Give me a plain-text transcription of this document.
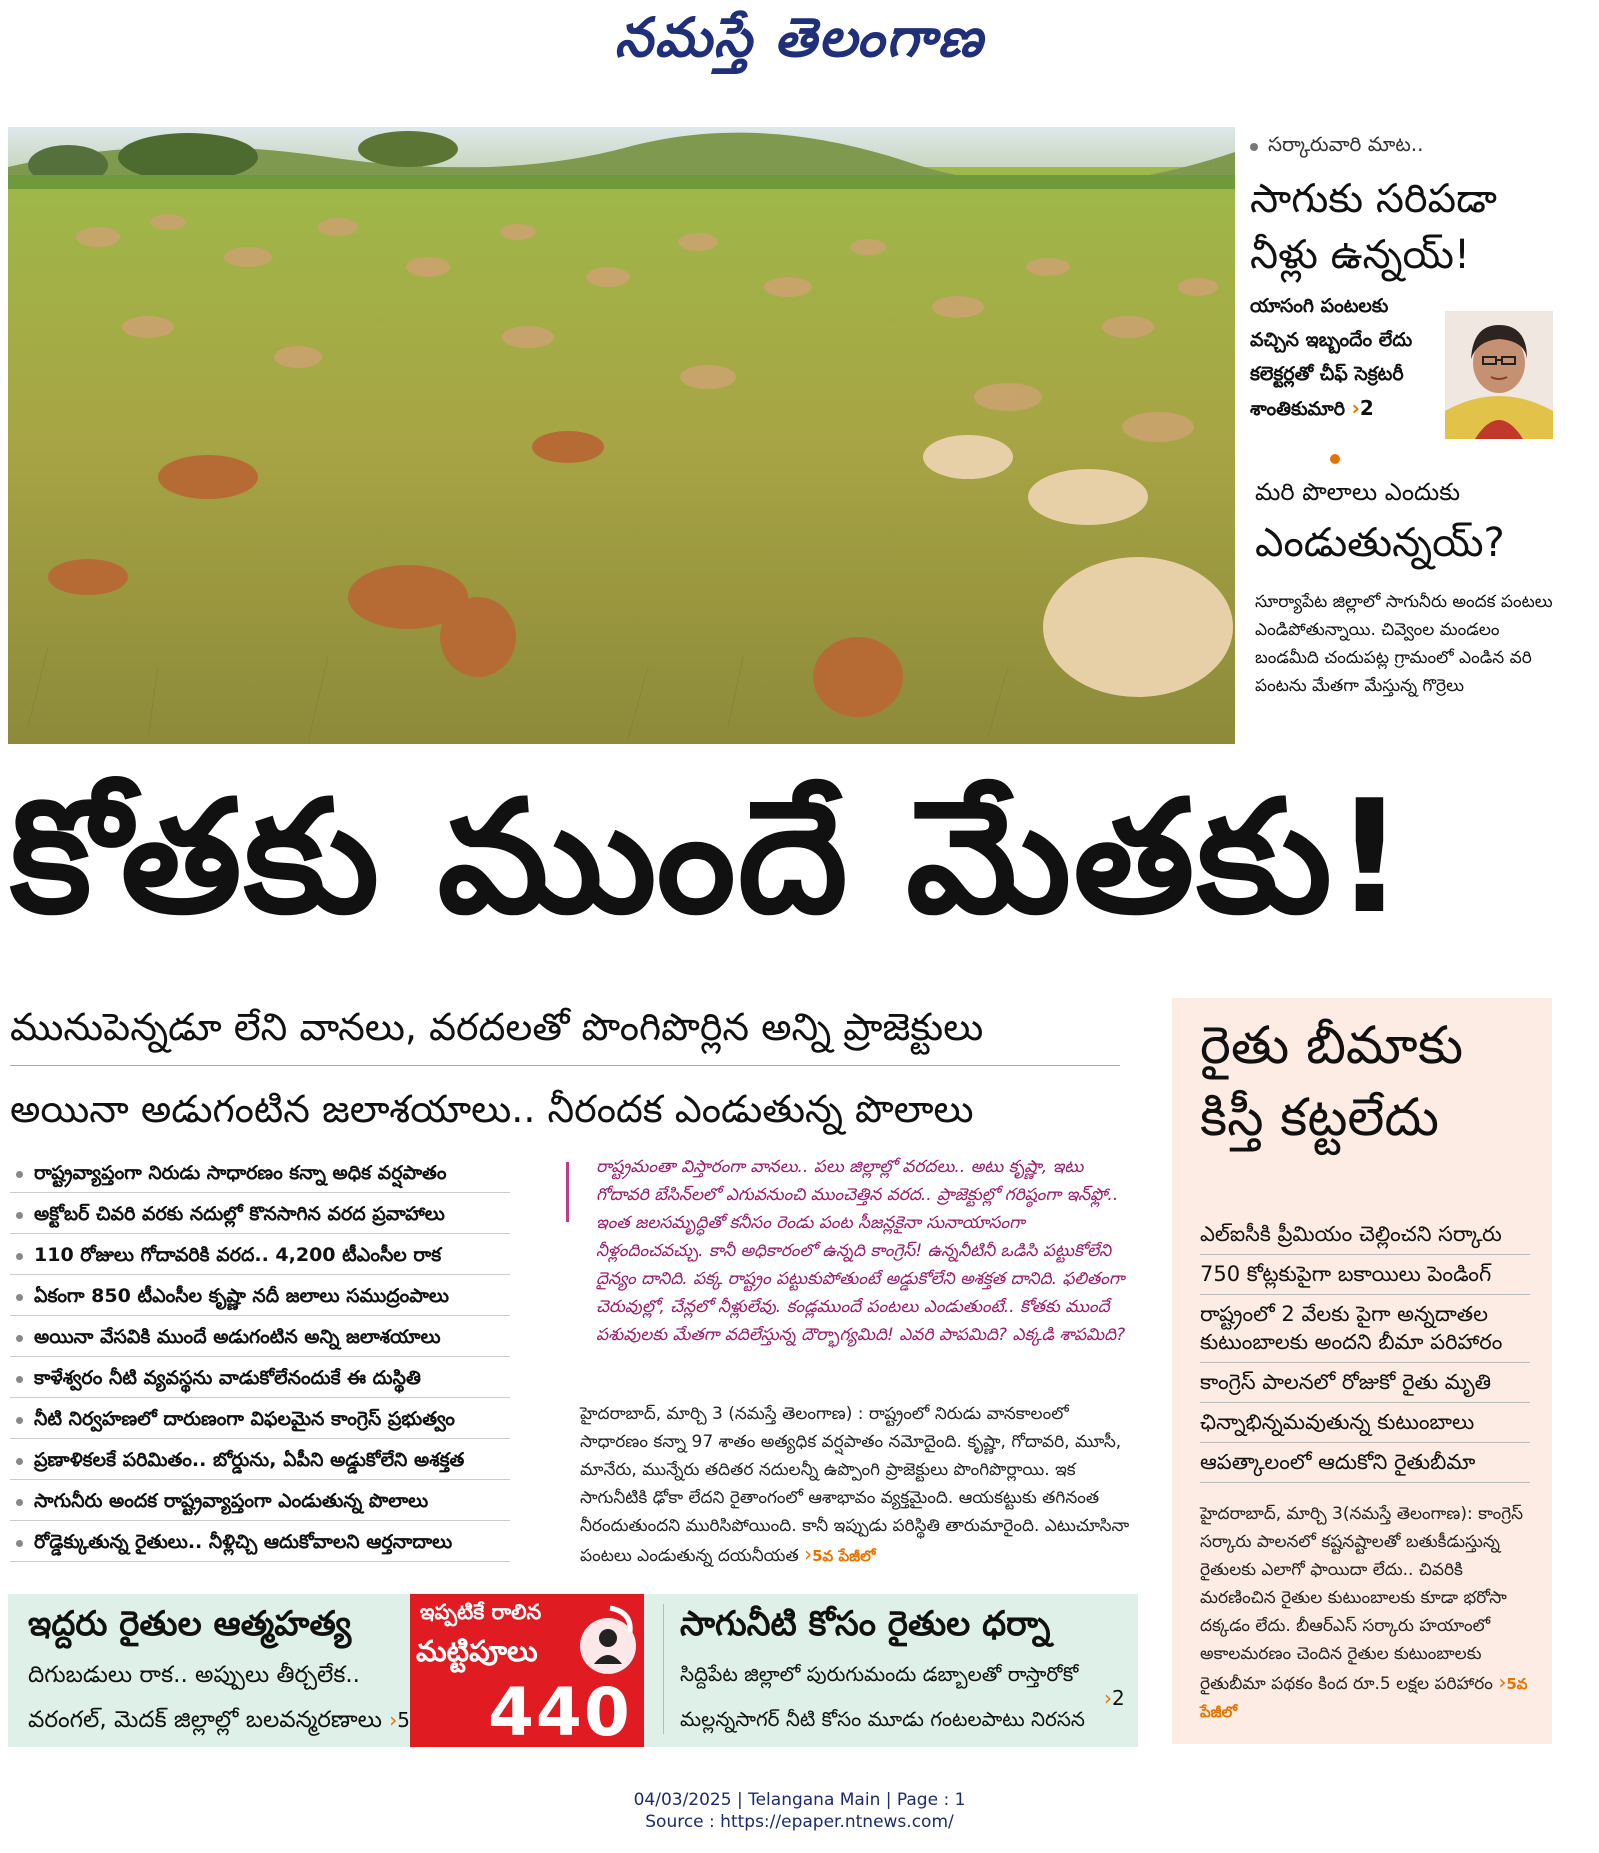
నమస్తే తెలంగాణ
సర్కారువారి మాట..
సాగుకు సరిపడా
నీళ్లు ఉన్నయ్!
యాసంగి పంటలకు
వచ్చిన ఇబ్బందేం లేదు
కలెక్టర్లతో చీఫ్ సెక్రటరీ
శాంతికుమారి ›2
మరి పొలాలు ఎందుకు
ఎండుతున్నయ్?
సూర్యాపేట జిల్లాలో సాగునీరు అందక పంటలు ఎండిపోతున్నాయి. చివ్వెంల మండలం బండమీది చందుపట్ల గ్రామంలో ఎండిన వరి పంటను మేతగా మేస్తున్న గొర్రెలు
కోతకు ముందే మేతకు!
మునుపెన్నడూ లేని వానలు, వరదలతో పొంగిపొర్లిన అన్ని ప్రాజెక్టులు
అయినా అడుగంటిన జలాశయాలు.. నీరందక ఎండుతున్న పొలాలు
రాష్ట్రవ్యాప్తంగా నిరుడు సాధారణం కన్నా అధిక వర్షపాతం
అక్టోబర్ చివరి వరకు నదుల్లో కొనసాగిన వరద ప్రవాహాలు
110 రోజులు గోదావరికి వరద.. 4,200 టీఎంసీల రాక
ఏకంగా 850 టీఎంసీల కృష్ణా నదీ జలాలు సముద్రంపాలు
అయినా వేసవికి ముందే అడుగంటిన అన్ని జలాశయాలు
కాళేశ్వరం నీటి వ్యవస్థను వాడుకోలేనందుకే ఈ దుస్థితి
నీటి నిర్వహణలో దారుణంగా విఫలమైన కాంగ్రెస్ ప్రభుత్వం
ప్రణాళికలకే పరిమితం.. బోర్డును, ఏపీని అడ్డుకోలేని అశక్తత
సాగునీరు అందక రాష్ట్రవ్యాప్తంగా ఎండుతున్న పొలాలు
రోడ్డెక్కుతున్న రైతులు.. నీళ్లిచ్చి ఆదుకోవాలని ఆర్తనాదాలు
రాష్ట్రమంతా విస్తారంగా వానలు.. పలు జిల్లాల్లో వరదలు.. అటు కృష్ణా, ఇటు గోదావరి బేసిన్‌లలో ఎగువనుంచి ముంచెత్తిన వరద.. ప్రాజెక్టుల్లో గరిష్ఠంగా ఇన్‌ఫ్లో.. ఇంత జలసమృద్ధితో కనీసం రెండు పంట సీజన్లకైనా సునాయాసంగా నీళ్లందించవచ్చు. కానీ అధికారంలో ఉన్నది కాంగ్రెస్! ఉన్ననీటినీ ఒడిసి పట్టుకోలేని దైన్యం దానిది. పక్క రాష్ట్రం పట్టుకుపోతుంటే అడ్డుకోలేని అశక్తత దానిది. ఫలితంగా చెరువుల్లో, చేన్లలో నీళ్లులేవు. కండ్లముందే పంటలు ఎండుతుంటే.. కోతకు ముందే పశువులకు మేతగా వదిలేస్తున్న దౌర్భాగ్యమిది! ఎవరి పాపమిది? ఎక్కడి శాపమిది?
హైదరాబాద్, మార్చి 3 (నమస్తే తెలంగాణ) : రాష్ట్రంలో నిరుడు వానకాలంలో సాధారణం కన్నా 97 శాతం అత్యధిక వర్షపాతం నమోదైంది. కృష్ణా, గోదావరి, మూసీ, మానేరు, మున్నేరు తదితర నదులన్నీ ఉప్పొంగి ప్రాజెక్టులు పొంగిపొర్లాయి. ఇక సాగునీటికి ఢోకా లేదని రైతాంగంలో ఆశాభావం వ్యక్తమైంది. ఆయకట్టుకు తగినంత నీరందుతుందని మురిసిపోయింది. కానీ ఇప్పుడు పరిస్థితి తారుమారైంది. ఎటుచూసినా పంటలు ఎండుతున్న దయనీయత ›5వ పేజీలో
రైతు బీమాకు
కిస్తీ కట్టలేదు
ఎల్‌ఐసీకి ప్రీమియం చెల్లించని సర్కారు
750 కోట్లకుపైగా బకాయిలు పెండింగ్
రాష్ట్రంలో 2 వేలకు పైగా అన్నదాతల కుటుంబాలకు అందని బీమా పరిహారం
కాంగ్రెస్ పాలనలో రోజుకో రైతు మృతి
ఛిన్నాభిన్నమవుతున్న కుటుంబాలు
ఆపత్కాలంలో ఆదుకోని రైతుబీమా
హైదరాబాద్, మార్చి 3(నమస్తే తెలంగాణ): కాంగ్రెస్ సర్కారు పాలనలో కష్టనష్టాలతో బతుకీడుస్తున్న రైతులకు ఎలాగో ఫాయిదా లేదు.. చివరికి మరణించిన రైతుల కుటుంబాలకు కూడా భరోసా దక్కడం లేదు. బీఆర్‌ఎస్ సర్కారు హయాంలో అకాలమరణం చెందిన రైతుల కుటుంబాలకు రైతుబీమా పథకం కింద రూ.5 లక్షల పరిహారం ›5వ పేజీలో
ఇద్దరు రైతుల ఆత్మహత్య
దిగుబడులు రాక.. అప్పులు తీర్చలేక..
వరంగల్, మెదక్ జిల్లాల్లో బలవన్మరణాలు ›5
ఇప్పటికే రాలిన
మట్టిపూలు
440
సాగునీటి కోసం రైతుల ధర్నా
సిద్దిపేట జిల్లాలో పురుగుమందు డబ్బాలతో రాస్తారోకో
మల్లన్నసాగర్ నీటి కోసం మూడు గంటలపాటు నిరసన
›2
04/03/2025 | Telangana Main | Page : 1
Source : https://epaper.ntnews.com/
